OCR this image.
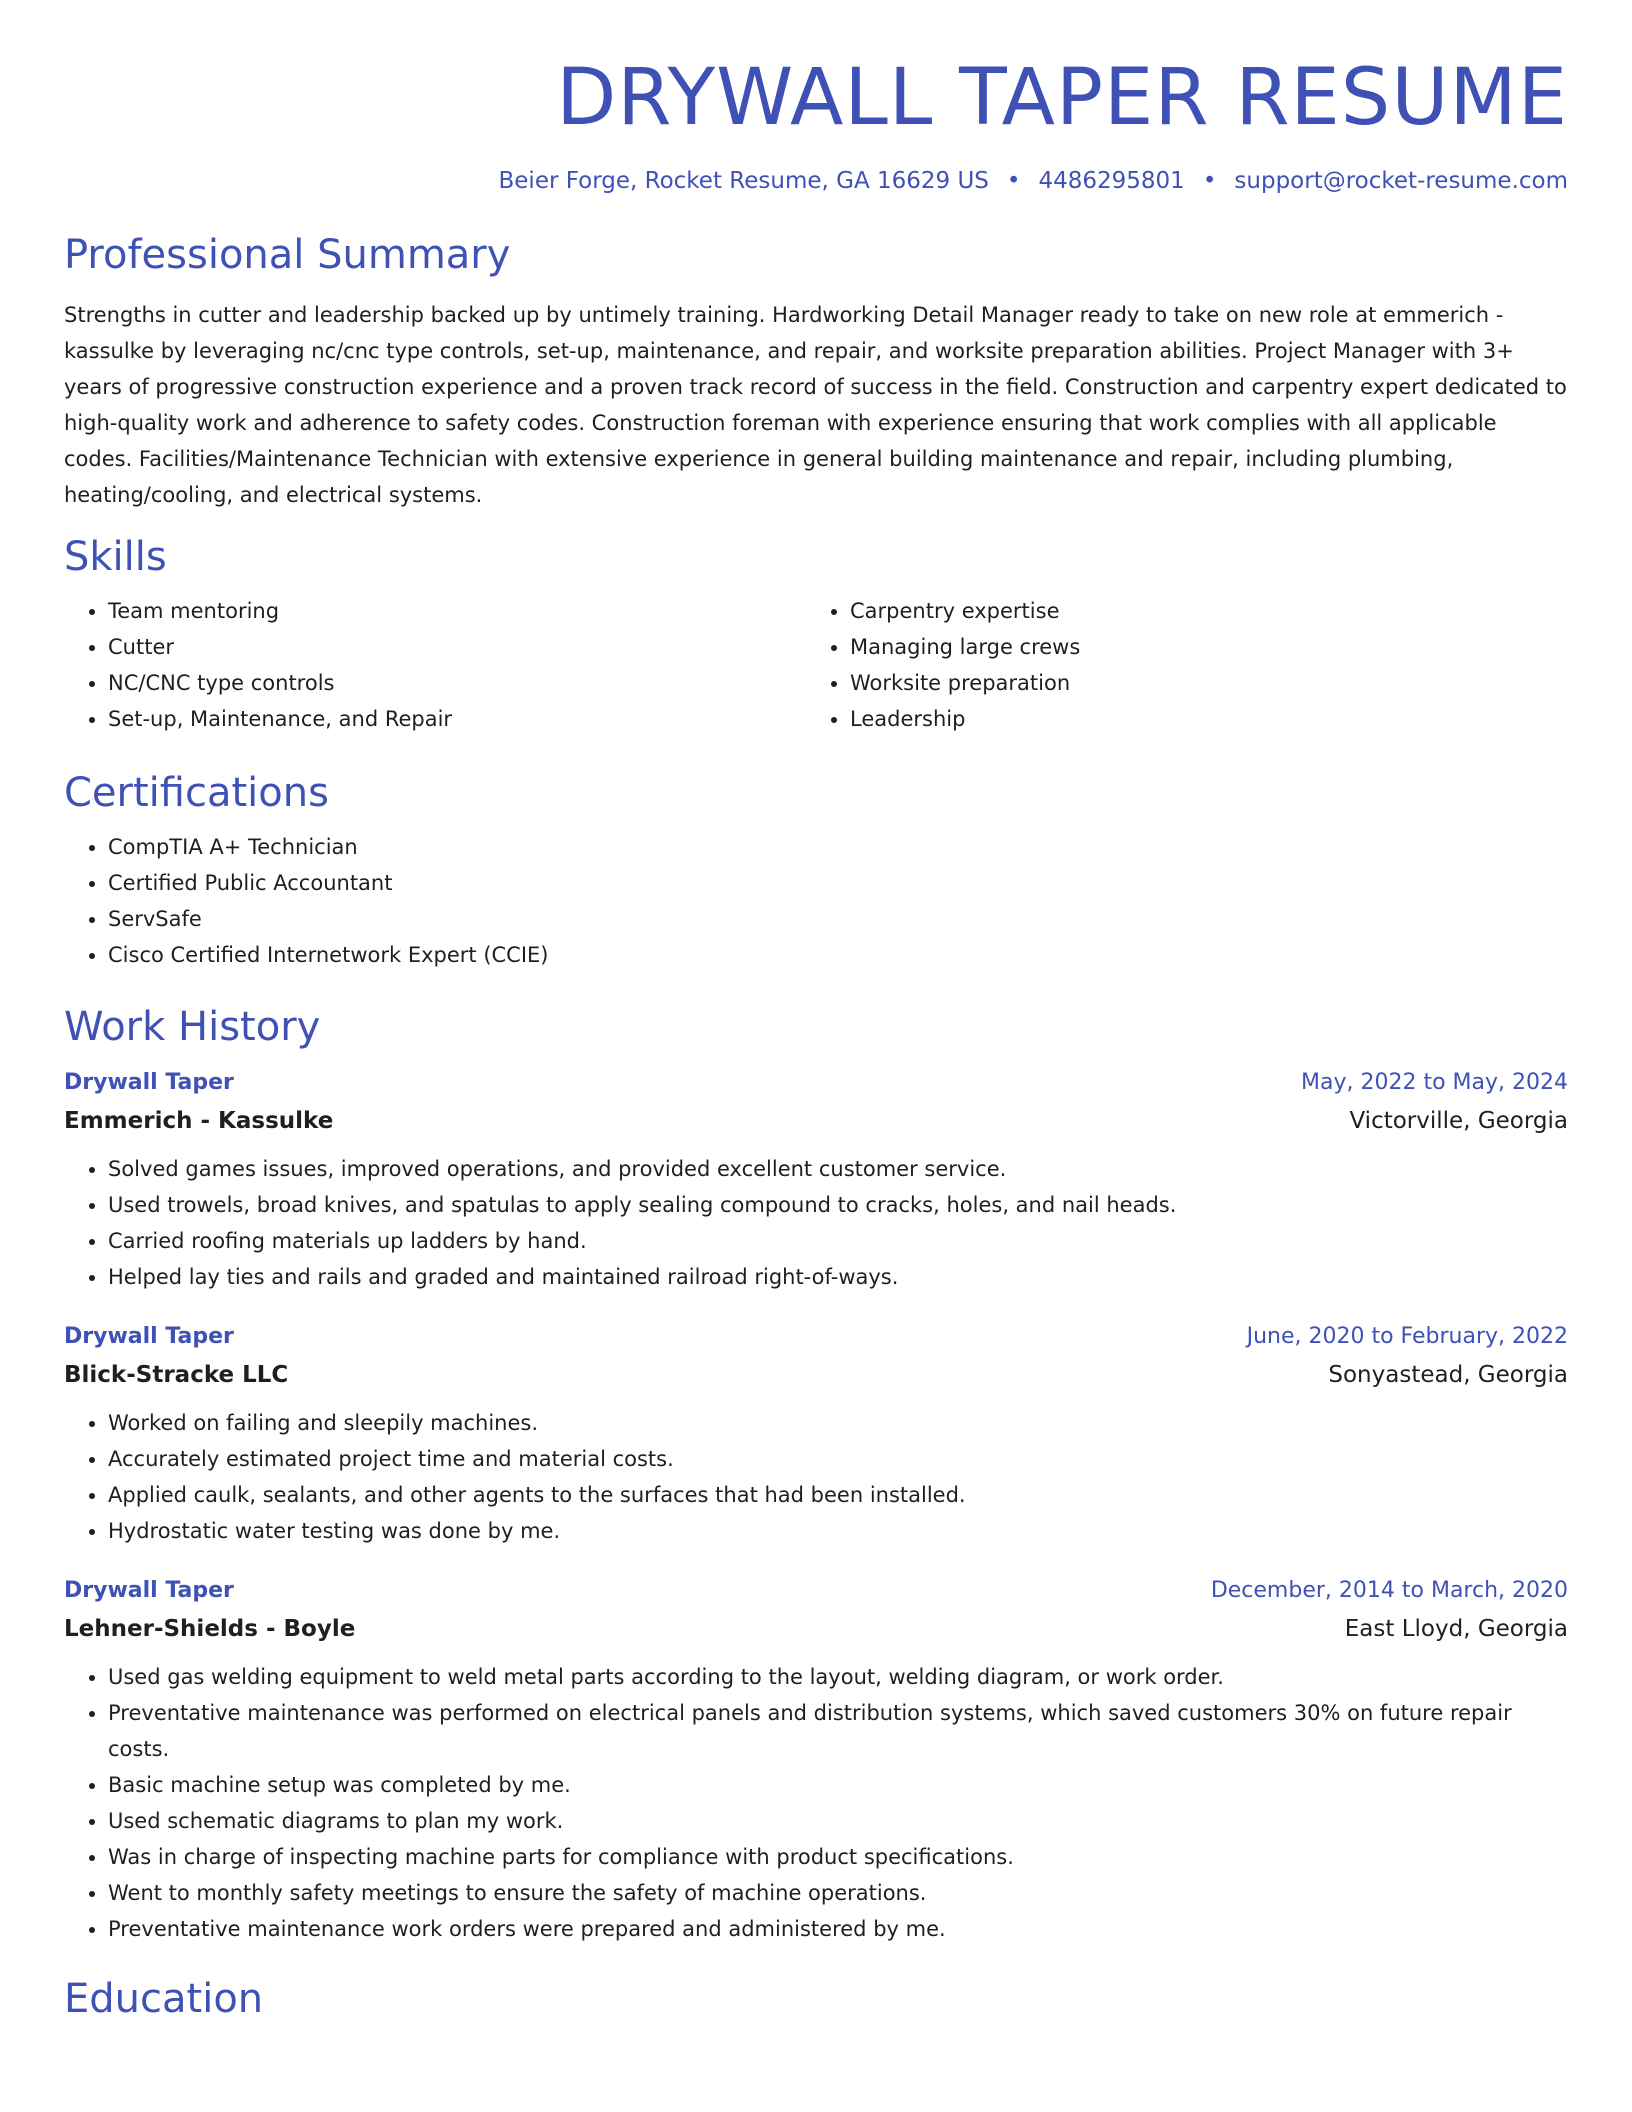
DRYWALL TAPER RESUME
Beier Forge, Rocket Resume, GA 16629 US • 4486295801 • support@rocket-resume.com
Professional Summary

Strengths in cutter and leadership backed up by untimely training. Hardworking Detail Manager ready to take on new role at emmerich - kassulke by leveraging nc/cnc type controls, set-up, maintenance, and repair, and worksite preparation abilities. Project Manager with 3+ years of progressive construction experience and a proven track record of success in the field. Construction and carpentry expert dedicated to high-quality work and adherence to safety codes. Construction foreman with experience ensuring that work complies with all applicable codes. Facilities/Maintenance Technician with extensive experience in general building maintenance and repair, including plumbing, heating/cooling, and electrical systems.

Skills
• Team mentoring
• Cutter
• NC/CNC type controls
• Set-up, Maintenance, and Repair
• Carpentry expertise
• Managing large crews
• Worksite preparation
• Leadership
Certifications
• CompTIA A+ Technician
• Certified Public Accountant
• ServSafe
• Cisco Certified Internetwork Expert (CCIE)
Work History
Drywall Taper	May, 2022 to May, 2024
Emmerich - Kassulke	Victorville, Georgia
• Solved games issues, improved operations, and provided excellent customer service.
• Used trowels, broad knives, and spatulas to apply sealing compound to cracks, holes, and nail heads.
• Carried roofing materials up ladders by hand.
• Helped lay ties and rails and graded and maintained railroad right-of-ways.
Drywall Taper	June, 2020 to February, 2022
Blick-Stracke LLC	Sonyastead, Georgia
• Worked on failing and sleepily machines.
• Accurately estimated project time and material costs.
• Applied caulk, sealants, and other agents to the surfaces that had been installed.
• Hydrostatic water testing was done by me.
Drywall Taper	December, 2014 to March, 2020
Lehner-Shields - Boyle	East Lloyd, Georgia
• Used gas welding equipment to weld metal parts according to the layout, welding diagram, or work order.
• Preventative maintenance was performed on electrical panels and distribution systems, which saved customers 30% on future repair costs.
• Basic machine setup was completed by me.
• Used schematic diagrams to plan my work.
• Was in charge of inspecting machine parts for compliance with product specifications.
• Went to monthly safety meetings to ensure the safety of machine operations.
• Preventative maintenance work orders were prepared and administered by me.
Education
